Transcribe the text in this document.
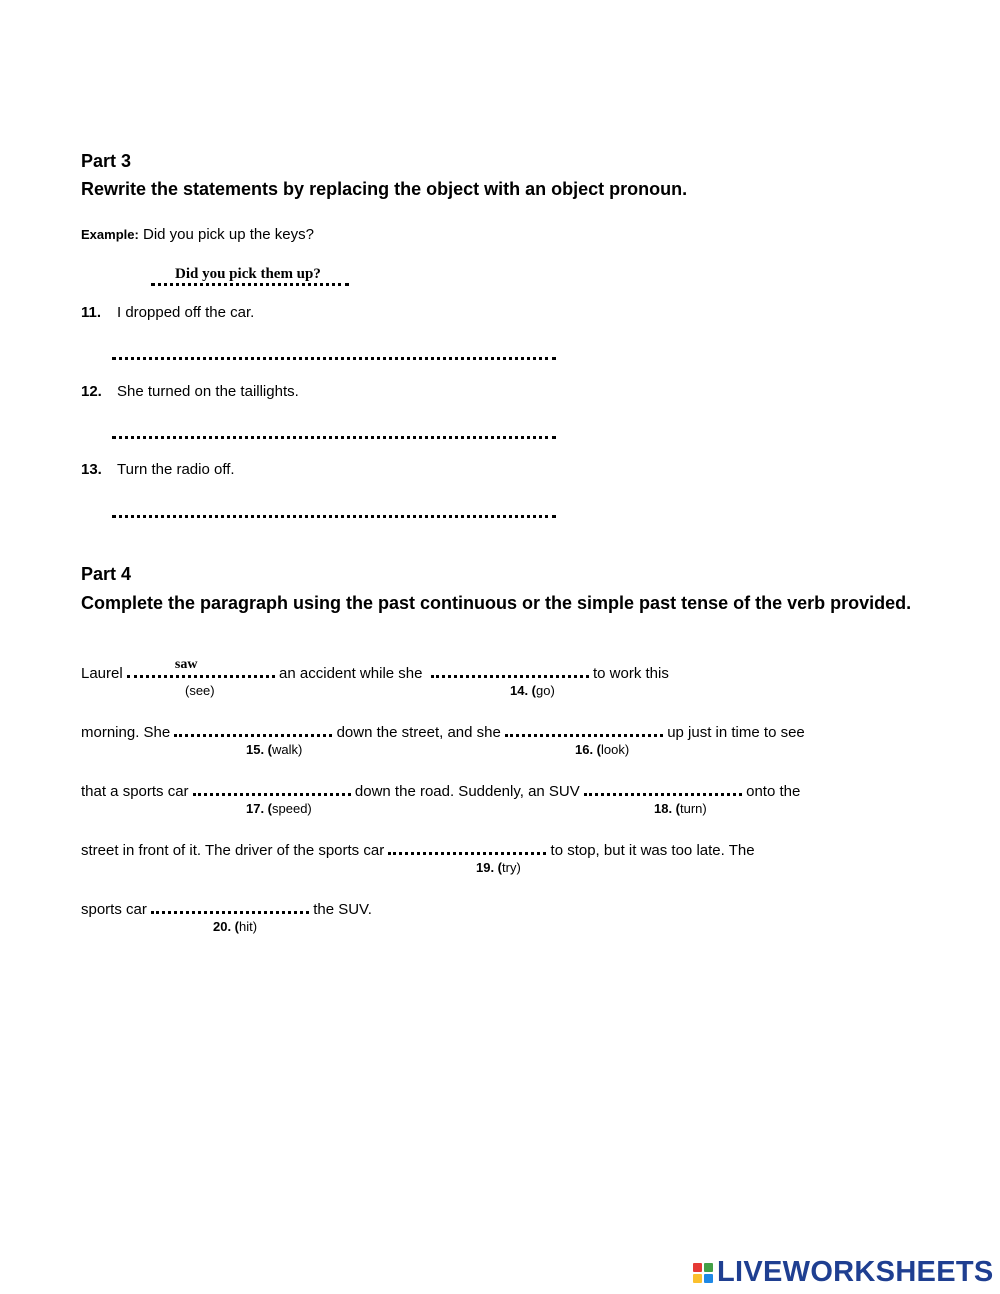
Part 3
Rewrite the statements by replacing the object with an object pronoun.
Example: Did you pick up the keys?
Did you pick them up?
11. I dropped off the car.
12. She turned on the taillights.
13. Turn the radio off.
Part 4
Complete the paragraph using the past continuous or the simple past tense of the verb provided.
Laurel
saw
an accident while she	to work this
(see)	14. (go)
morning. She	down the street, and she	up just in time to see
15. (walk)	16. (look)
that a sports car	down the road. Suddenly, an SUV	onto the
17. (speed)	18. (turn)
street in front of it. The driver of the sports car	to stop, but it was too late. The
19. (try)
sports car	the SUV.
20. (hit)
LIVEWORKSHEETS
